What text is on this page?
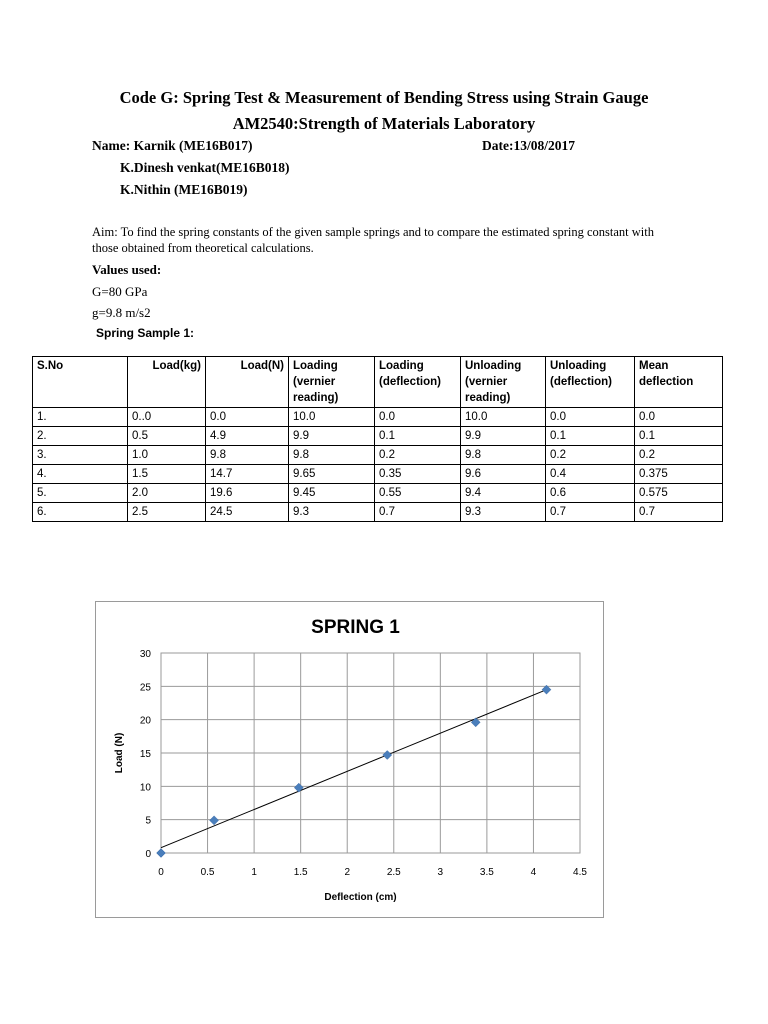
Code G: Spring Test & Measurement of Bending Stress using Strain Gauge
AM2540:Strength of Materials Laboratory
Name: Karnik (ME16B017)	Date:13/08/2017
K.Dinesh venkat(ME16B018)
K.Nithin (ME16B019)
Aim: To find the spring constants of the given sample springs and to compare the estimated spring constant with those obtained from theoretical calculations.
Values used:
G=80 GPa
g=9.8 m/s2
Spring Sample 1:
S.No	Load(kg)	Load(N)	Loading (vernier reading)	Loading (deflection)	Unloading (vernier reading)	Unloading (deflection)	Mean deflection
1.	0..0	0.0	10.0	0.0	10.0	0.0	0.0
2.	0.5	4.9	9.9	0.1	9.9	0.1	0.1
3.	1.0	9.8	9.8	0.2	9.8	0.2	0.2
4.	1.5	14.7	9.65	0.35	9.6	0.4	0.375
5.	2.0	19.6	9.45	0.55	9.4	0.6	0.575
6.	2.5	24.5	9.3	0.7	9.3	0.7	0.7
0
5
10
15
20
25
30
0	0.5	1	1.5	2	2.5	3	3.5	4	4.5
SPRING 1
Deflection (cm)
Load (N)
